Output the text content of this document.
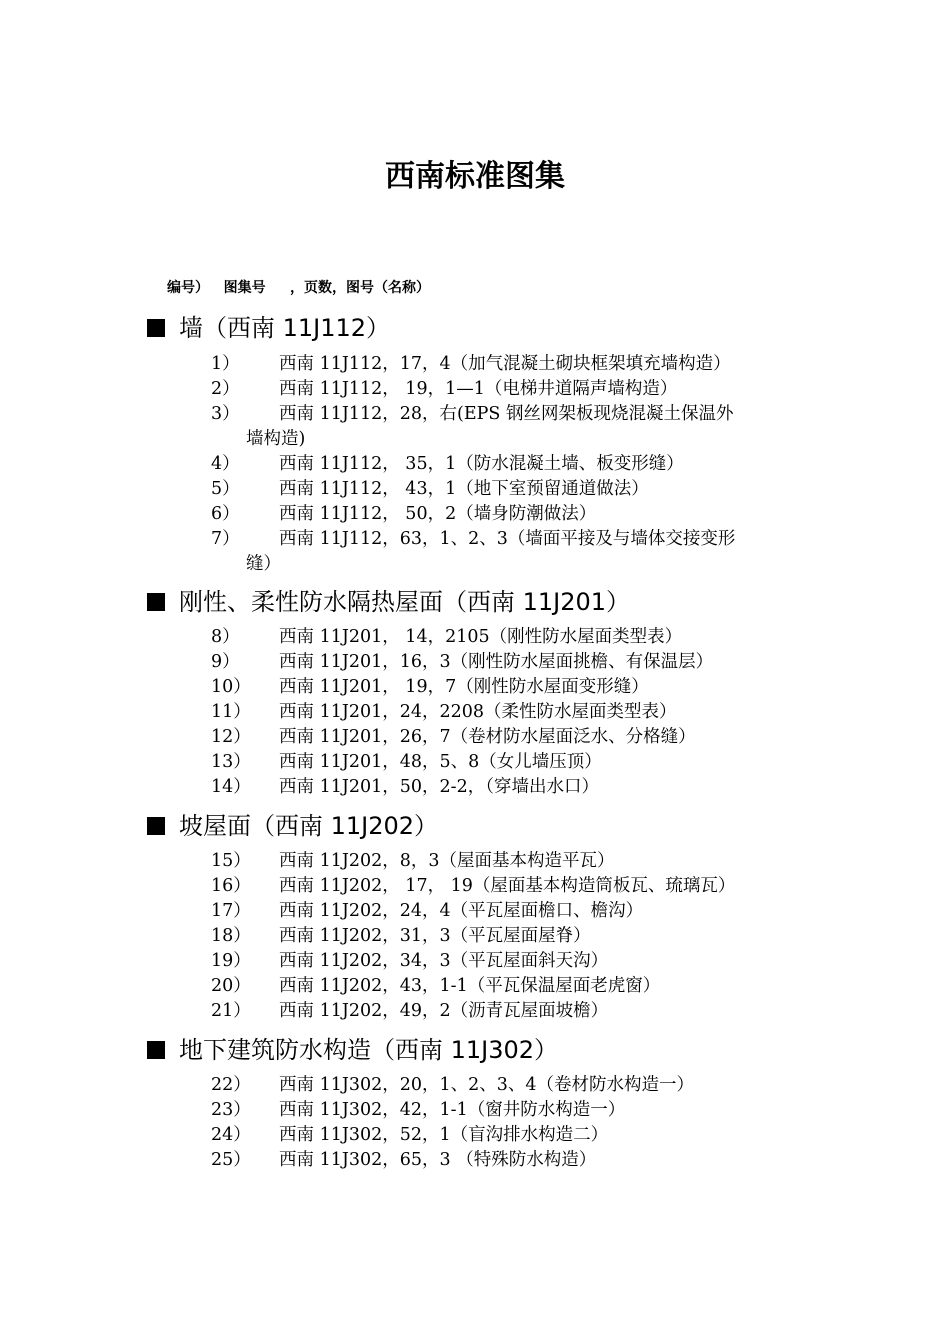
西南标准图集
编号）   图集号     ，页数，图号（名称）
墙（西南 11J112）
1） 西南 11J112，17，4（加气混凝土砌块框架填充墙构造）
2） 西南 11J112， 19，1—1（电梯井道隔声墙构造）
3） 西南 11J112，28，右(EPS 钢丝网架板现烧混凝土保温外
墙构造)
4） 西南 11J112， 35，1（防水混凝土墙、板变形缝）
5） 西南 11J112， 43，1（地下室预留通道做法）
6） 西南 11J112， 50，2（墙身防潮做法）
7） 西南 11J112，63，1、2、3（墙面平接及与墙体交接变形
缝）
刚性、柔性防水隔热屋面（西南 11J201）
8） 西南 11J201， 14，2105（刚性防水屋面类型表）
9） 西南 11J201，16，3（刚性防水屋面挑檐、有保温层）
10） 西南 11J201， 19，7（刚性防水屋面变形缝）
11） 西南 11J201，24，2208（柔性防水屋面类型表）
12） 西南 11J201，26，7（卷材防水屋面泛水、分格缝）
13） 西南 11J201，48，5、8（女儿墙压顶）
14） 西南 11J201，50，2-2，（穿墙出水口）
坡屋面（西南 11J202）
15） 西南 11J202，8，3（屋面基本构造平瓦）
16） 西南 11J202， 17， 19（屋面基本构造筒板瓦、琉璃瓦）
17） 西南 11J202，24，4（平瓦屋面檐口、檐沟）
18） 西南 11J202，31，3（平瓦屋面屋脊）
19） 西南 11J202，34，3（平瓦屋面斜天沟）
20） 西南 11J202，43，1-1（平瓦保温屋面老虎窗）
21） 西南 11J202，49，2（沥青瓦屋面坡檐）
地下建筑防水构造（西南 11J302）
22） 西南 11J302，20，1、2、3、4（卷材防水构造一）
23） 西南 11J302，42，1-1（窗井防水构造一）
24） 西南 11J302，52，1（盲沟排水构造二）
25） 西南 11J302，65，3 （特殊防水构造）
